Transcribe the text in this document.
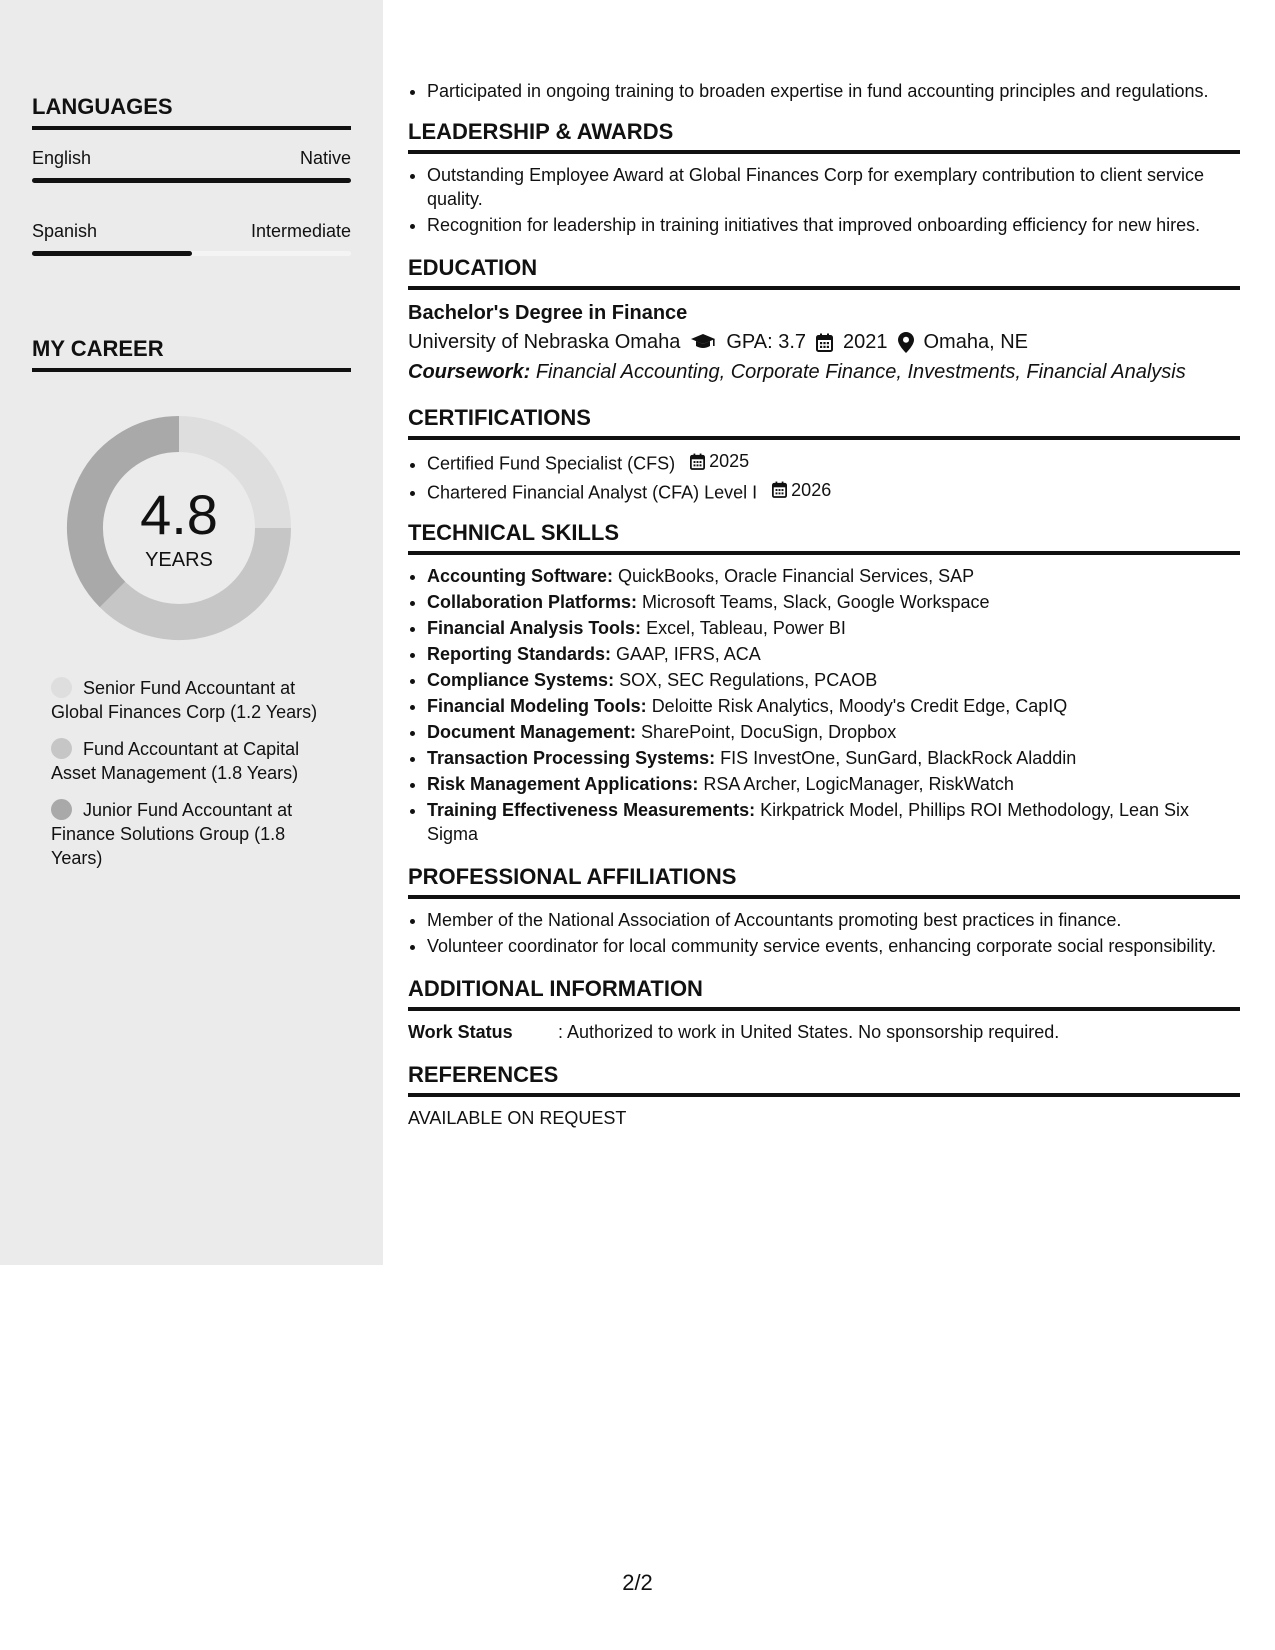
LANGUAGES
English	Native
Spanish	Intermediate
MY CAREER
4.8
YEARS
Senior Fund Accountant at Global Finances Corp (1.2 Years)
Fund Accountant at Capital Asset Management (1.8 Years)
Junior Fund Accountant at Finance Solutions Group (1.8 Years)
• Participated in ongoing training to broaden expertise in fund accounting principles and regulations.
LEADERSHIP & AWARDS
• Outstanding Employee Award at Global Finances Corp for exemplary contribution to client service quality.
• Recognition for leadership in training initiatives that improved onboarding efficiency for new hires.
EDUCATION
Bachelor's Degree in Finance
University of Nebraska Omaha GPA: 3.7 2021 Omaha, NE
Coursework: Financial Accounting, Corporate Finance, Investments, Financial Analysis
CERTIFICATIONS
• Certified Fund Specialist (CFS) 2025
• Chartered Financial Analyst (CFA) Level I 2026
TECHNICAL SKILLS
• Accounting Software: QuickBooks, Oracle Financial Services, SAP
• Collaboration Platforms: Microsoft Teams, Slack, Google Workspace
• Financial Analysis Tools: Excel, Tableau, Power BI
• Reporting Standards: GAAP, IFRS, ACA
• Compliance Systems: SOX, SEC Regulations, PCAOB
• Financial Modeling Tools: Deloitte Risk Analytics, Moody's Credit Edge, CapIQ
• Document Management: SharePoint, DocuSign, Dropbox
• Transaction Processing Systems: FIS InvestOne, SunGard, BlackRock Aladdin
• Risk Management Applications: RSA Archer, LogicManager, RiskWatch
• Training Effectiveness Measurements: Kirkpatrick Model, Phillips ROI Methodology, Lean Six Sigma
PROFESSIONAL AFFILIATIONS
• Member of the National Association of Accountants promoting best practices in finance.
• Volunteer coordinator for local community service events, enhancing corporate social responsibility.
ADDITIONAL INFORMATION
Work Status	: Authorized to work in United States. No sponsorship required.
REFERENCES
AVAILABLE ON REQUEST
2/2
